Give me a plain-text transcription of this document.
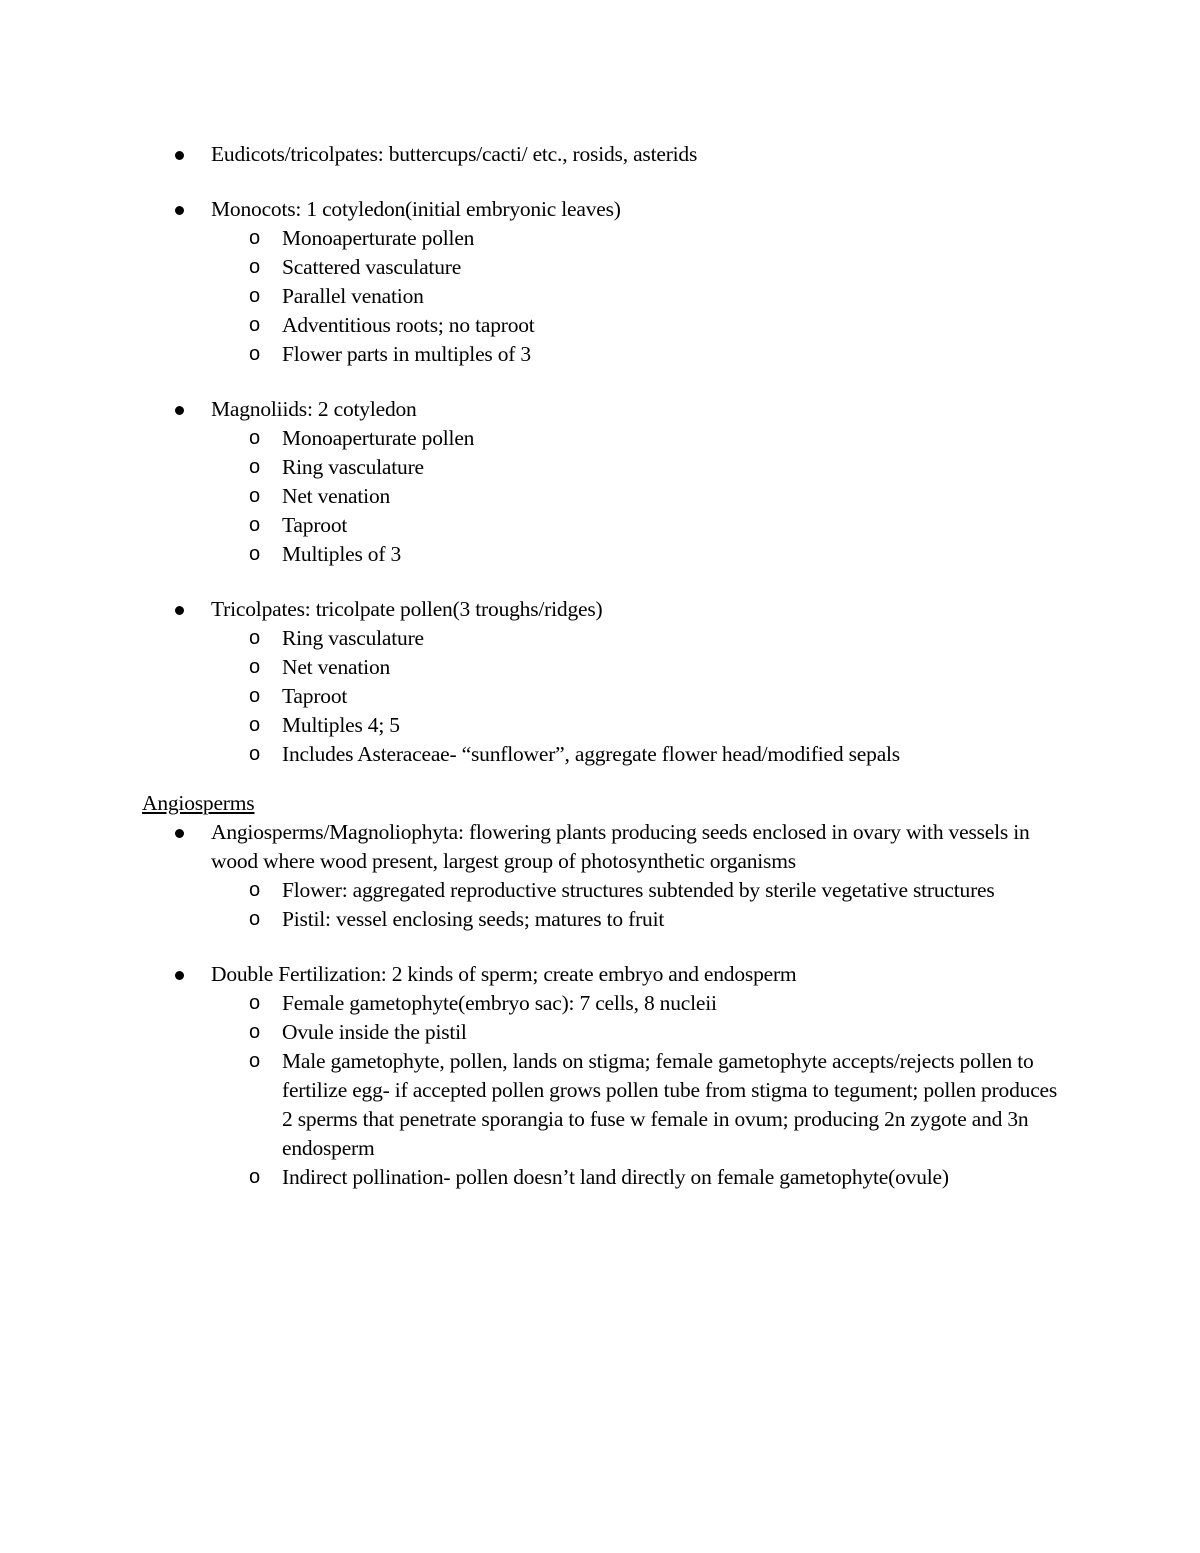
Eudicots/tricolpates: buttercups/cacti/ etc., rosids, asterids
Monocots: 1 cotyledon(initial embryonic leaves)
o Monoaperturate pollen
o Scattered vasculature
o Parallel venation
o Adventitious roots; no taproot
o Flower parts in multiples of 3
Magnoliids: 2 cotyledon
o Monoaperturate pollen
o Ring vasculature
o Net venation
o Taproot
o Multiples of 3
Tricolpates: tricolpate pollen(3 troughs/ridges)
o Ring vasculature
o Net venation
o Taproot
o Multiples 4; 5
o Includes Asteraceae- “sunflower”, aggregate flower head/modified sepals
Angiosperms
Angiosperms/Magnoliophyta: flowering plants producing seeds enclosed in ovary with vessels in wood where wood present, largest group of photosynthetic organisms
o Flower: aggregated reproductive structures subtended by sterile vegetative structures
o Pistil: vessel enclosing seeds; matures to fruit
Double Fertilization: 2 kinds of sperm; create embryo and endosperm
o Female gametophyte(embryo sac): 7 cells, 8 nucleii
o Ovule inside the pistil
o Male gametophyte, pollen, lands on stigma; female gametophyte accepts/rejects pollen to fertilize egg- if accepted pollen grows pollen tube from stigma to tegument; pollen produces 2 sperms that penetrate sporangia to fuse w female in ovum; producing 2n zygote and 3n endosperm
o Indirect pollination- pollen doesn’t land directly on female gametophyte(ovule)
